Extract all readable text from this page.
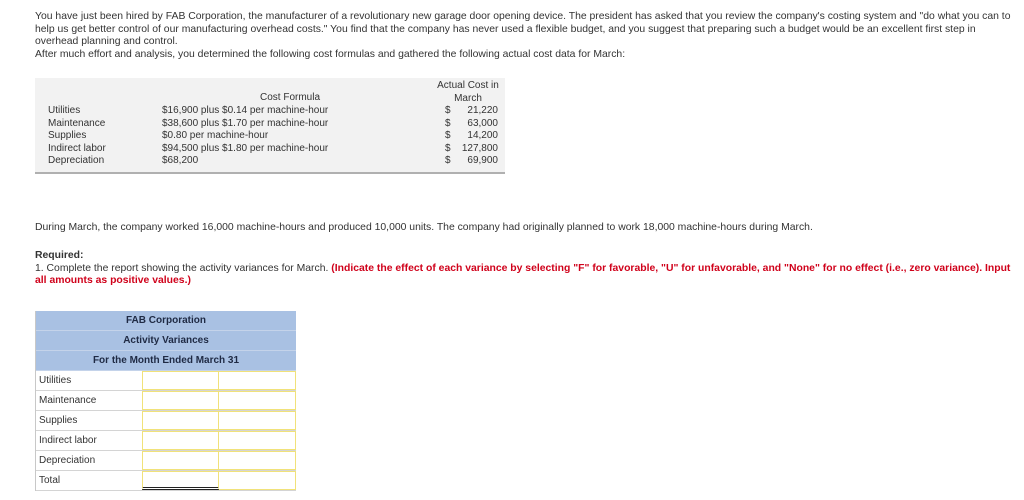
You have just been hired by FAB Corporation, the manufacturer of a revolutionary new garage door opening device. The president has asked that you review the company's costing system and "do what you can to help us get better control of our manufacturing overhead costs." You find that the company has never used a flexible budget, and you suggest that preparing such a budget would be an excellent first step in overhead planning and control.

After much effort and analysis, you determined the following cost formulas and gathered the following actual cost data for March:

Actual Cost in
March
Cost Formula
Utilities
Maintenance
Supplies
Indirect labor
Depreciation
$16,900 plus $0.14 per machine-hour
$38,600 plus $1.70 per machine-hour
$0.80 per machine-hour
$94,500 plus $1.80 per machine-hour
$68,200
$ 21,220
$ 63,000
$ 14,200
$ 127,800
$ 69,900
During March, the company worked 16,000 machine-hours and produced 10,000 units. The company had originally planned to work 18,000 machine-hours during March.
Required:
1. Complete the report showing the activity variances for March. (Indicate the effect of each variance by selecting "F" for favorable, "U" for unfavorable, and "None" for no effect (i.e., zero variance). Input all amounts as positive values.)
FAB Corporation
Activity Variances
For the Month Ended March 31
Utilities
Maintenance
Supplies
Indirect labor
Depreciation
Total
